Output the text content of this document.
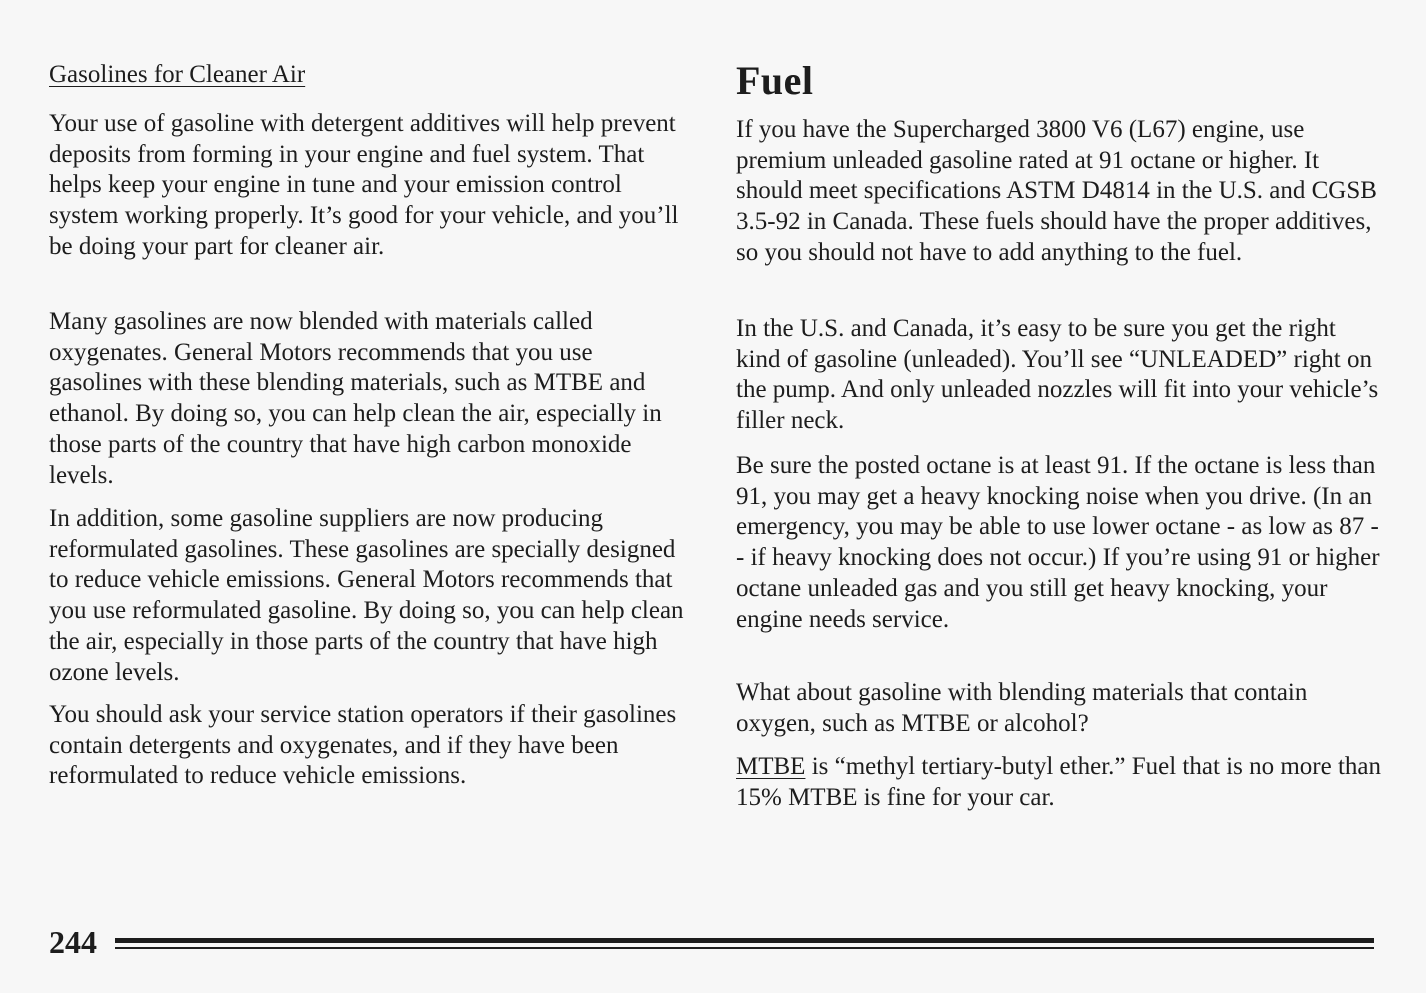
Gasolines for Cleaner Air

Your use of gasoline with detergent additives will help prevent deposits from forming in your engine and fuel system. That helps keep your engine in tune and your emission control system working properly. It’s good for your vehicle, and you’ll be doing your part for cleaner air.

Many gasolines are now blended with materials called oxygenates. General Motors recommends that you use gasolines with these blending materials, such as MTBE and ethanol. By doing so, you can help clean the air, especially in those parts of the country that have high carbon monoxide levels.

In addition, some gasoline suppliers are now producing reformulated gasolines. These gasolines are specially designed to reduce vehicle emissions. General Motors recommends that you use reformulated gasoline. By doing so, you can help clean the air, especially in those parts of the country that have high ozone levels.

You should ask your service station operators if their gasolines contain detergents and oxygenates, and if they have been reformulated to reduce vehicle emissions.

Fuel

If you have the Supercharged 3800 V6 (L67) engine, use premium unleaded gasoline rated at 91 octane or higher. It should meet specifications ASTM D4814 in the U.S. and CGSB 3.5-92 in Canada. These fuels should have the proper additives, so you should not have to add anything to the fuel.

In the U.S. and Canada, it’s easy to be sure you get the right kind of gasoline (unleaded). You’ll see “UNLEADED” right on the pump. And only unleaded nozzles will fit into your vehicle’s filler neck.

Be sure the posted octane is at least 91. If the octane is less than 91, you may get a heavy knocking noise when you drive. (In an emergency, you may be able to use lower octane - as low as 87 -- if heavy knocking does not occur.) If you’re using 91 or higher octane unleaded gas and you still get heavy knocking, your engine needs service.

What about gasoline with blending materials that contain oxygen, such as MTBE or alcohol?

MTBE is “methyl tertiary-butyl ether.” Fuel that is no more than 15% MTBE is fine for your car.

244
